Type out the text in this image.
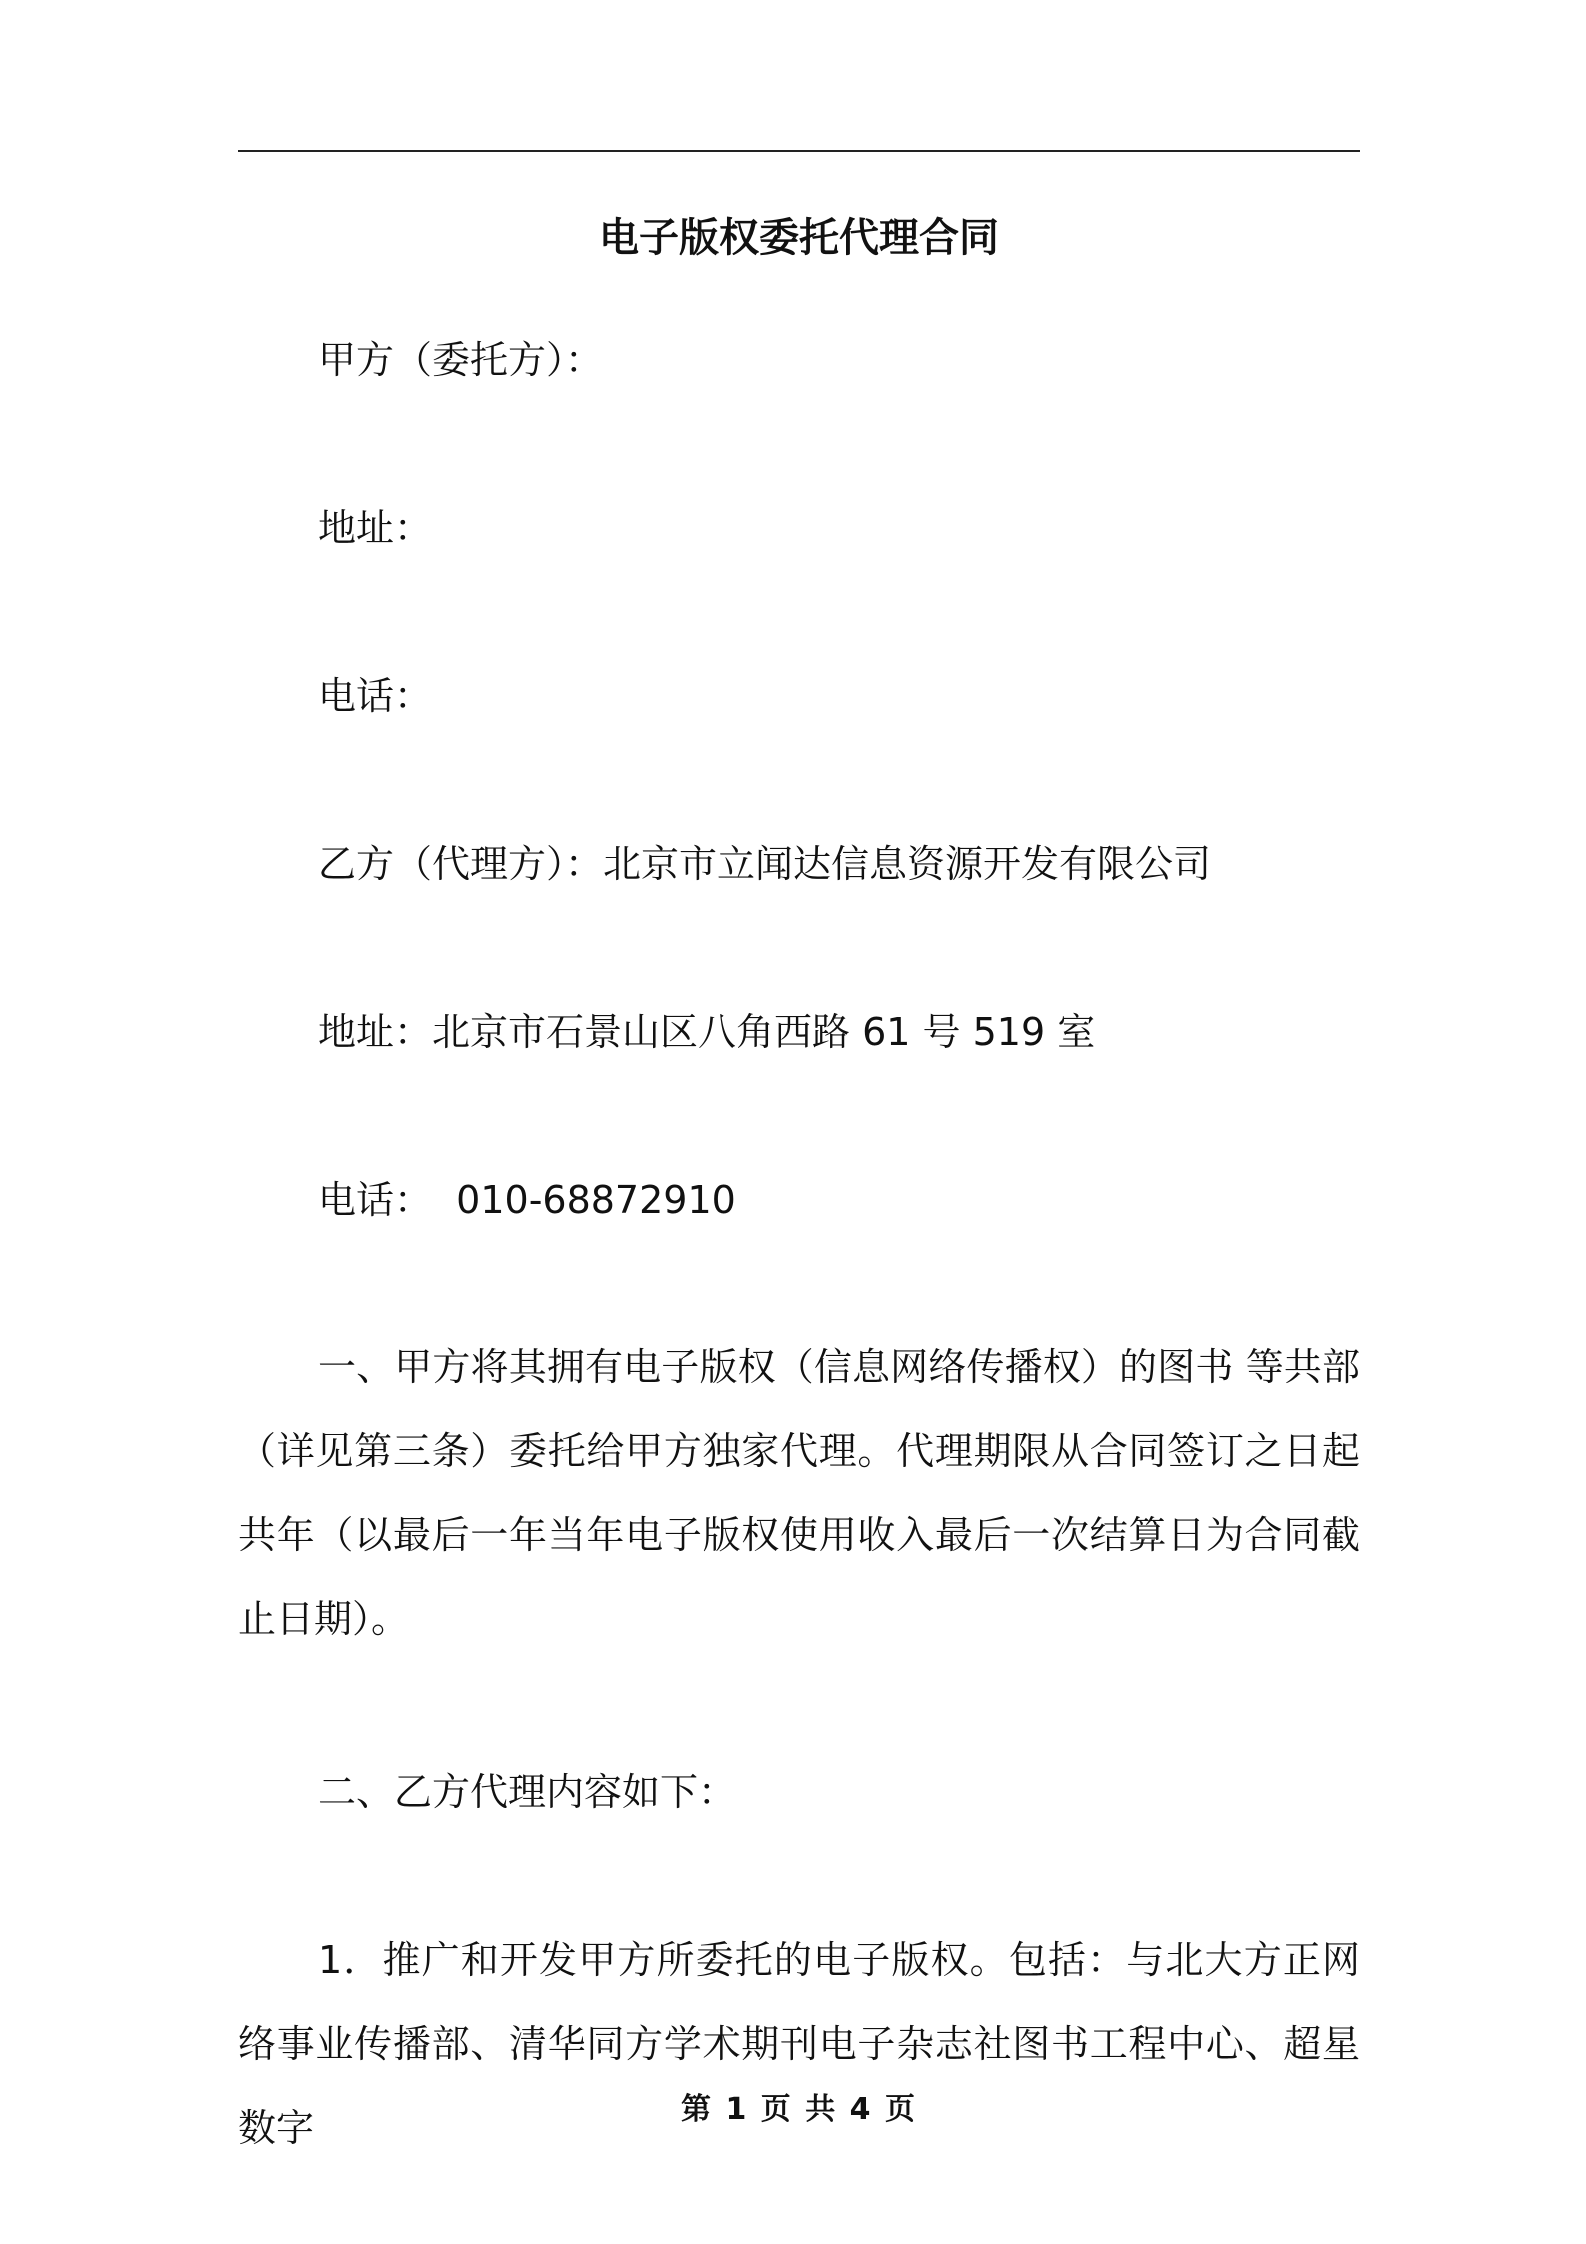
电子版权委托代理合同
甲方（委托方）：
地址：
电话：
乙方（代理方）：北京市立闻达信息资源开发有限公司
地址：北京市石景山区八角西路 61 号 519 室
电话：  010-68872910
一、甲方将其拥有电子版权（信息网络传播权）的图书 等共部（详见第三条）委托给甲方独家代理。代理期限从合同签订之日起共年（以最后一年当年电子版权使用收入最后一次结算日为合同截止日期）。
二、乙方代理内容如下：
1．推广和开发甲方所委托的电子版权。包括：与北大方正网络事业传播部、清华同方学术期刊电子杂志社图书工程中心、超星数字	第 1 页 共 4 页
